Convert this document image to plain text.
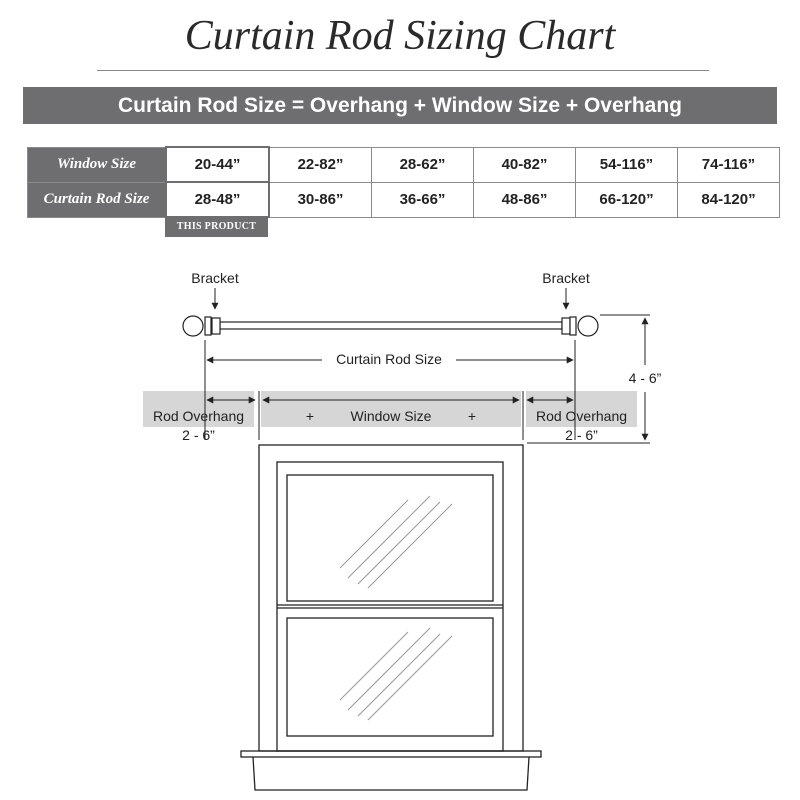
Curtain Rod Sizing Chart
Curtain Rod Size = Overhang + Window Size + Overhang
Window Size	20-44”	22-82”	28-62”	40-82”	54-116”	74-116”
Curtain Rod Size	28-48”	30-86”	36-66”	48-86”	66-120”	84-120”
THIS PRODUCT
Bracket	Bracket
Curtain Rod Size
4 - 6”
Rod Overhang
2 - 6”
+	Window Size	+	Rod Overhang
2 - 6”
